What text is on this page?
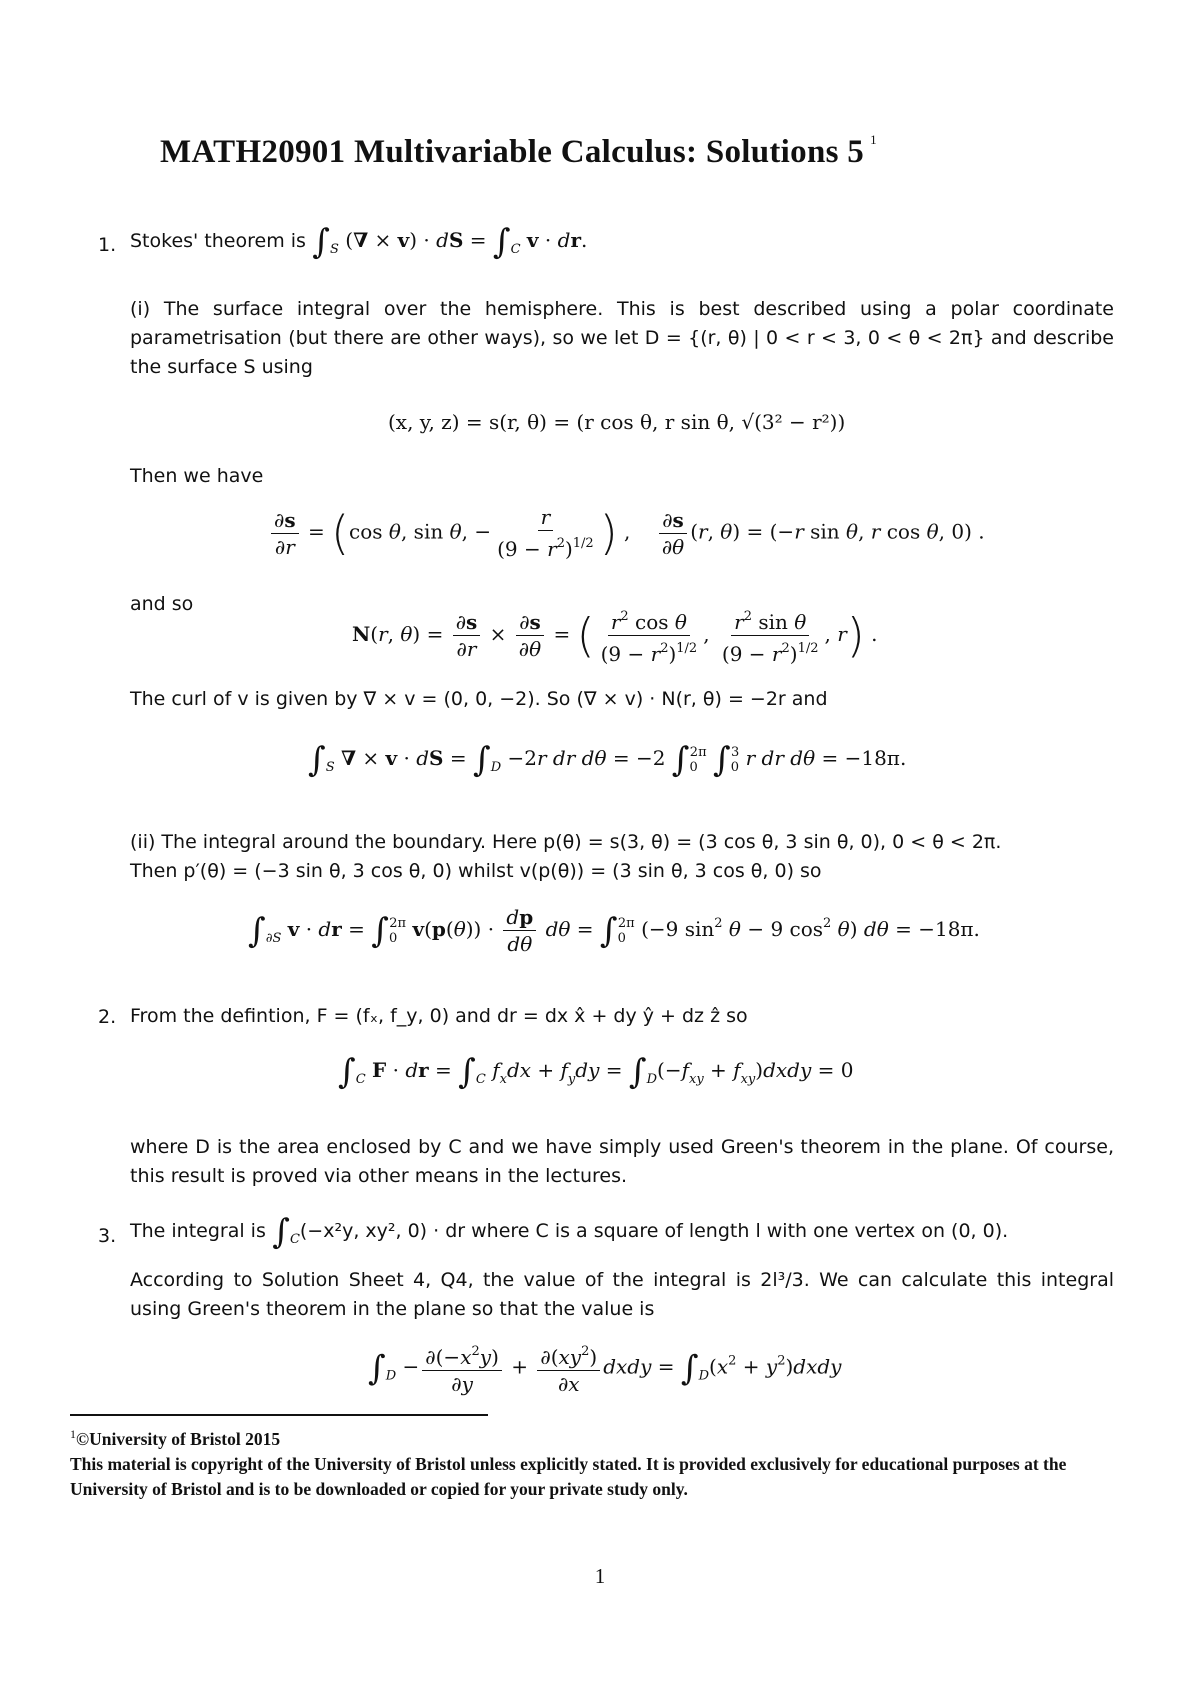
MATH20901 Multivariable Calculus: Solutions 5 $^1$
1. Stokes' theorem is $\int_S$ (∇ × v) · dS = $\int_C$ v · dr.
(i) The surface integral over the hemisphere. This is best described using a polar coordinate parametrisation (but there are other ways), so we let D = {(r, θ) | 0 < r < 3, 0 < θ < 2π} and describe the surface S using
(x, y, z) = s(r, θ) = (r cos θ, r sin θ, √(3² − r²))
Then we have
$\frac{\partial s}{\partial r} = (\cos$ θ, sin θ, − $\frac{r}{(9 - r^2)^{1/2}}$ ) , $\frac{\partial s}{\partial\theta} (r$, θ) = (−r sin θ, r cos θ, 0) .
and so
N(r, $\theta) = \frac{\partial s}{\partial r} \times \frac{\partial s}{\partial\theta}$ = ( $\frac{r^2 \cos \theta}{(9 - r^2)^{1/2}}$ , $\frac{r^2 \sin \theta}{(9 - r^2)^{1/2}}$ , r) .
The curl of v is given by ∇ × v = (0, 0, −2). So (∇ × v) · N(r, θ) = −2r and
$\int_S$ ∇ × v · dS = $\int_D -2r$ dr dθ = −2 $\int_0^{2\pi}$ $\int_0^3$ r dr dθ = −18π.
(ii) The integral around the boundary. Here p(θ) = s(3, θ) = (3 cos θ, 3 sin θ, 0), 0 < θ < 2π.
Then p′(θ) = (−3 sin θ, 3 cos θ, 0) whilst v(p(θ)) = (3 sin θ, 3 cos θ, 0) so
$\int_{\partial S}$ v · dr = $\int_0^{2\pi}$ $v(p(\theta)) \cdot \frac{dp}{d\theta}$ $d\theta = \int_0^{2\pi}$ (−9 $\sin^2 \theta - 9$ $\cos^2 \theta$) dθ = −18π.
2. From the defintion, F = (fₓ, f_y, 0) and dr = dx x̂ + dy ŷ + dz ẑ so
$\int_C$ F · dr = $\int_C$ $f_xdx + f_ydy = \int_D(-f_{xy}$ + $f_{xy})dxdy = 0$
where D is the area enclosed by C and we have simply used Green's theorem in the plane. Of course, this result is proved via other means in the lectures.
3. The integral is $\int_C(-x^2y$, xy², 0) · dr where C is a square of length l with one vertex on (0, 0).
According to Solution Sheet 4, Q4, the value of the integral is 2l³/3. We can calculate this integral using Green's theorem in the plane so that the value is
$\int_D - \frac{\partial(-x^2y)}{\partial y} + \frac{\partial(xy^2)}{\partial x}$ dxdy = $\int_D(x^2$ + $y^2)dxdy$
$^1$©University of Bristol 2015
This material is copyright of the University of Bristol unless explicitly stated. It is provided exclusively for educational purposes at the University of Bristol and is to be downloaded or copied for your private study only.
1
